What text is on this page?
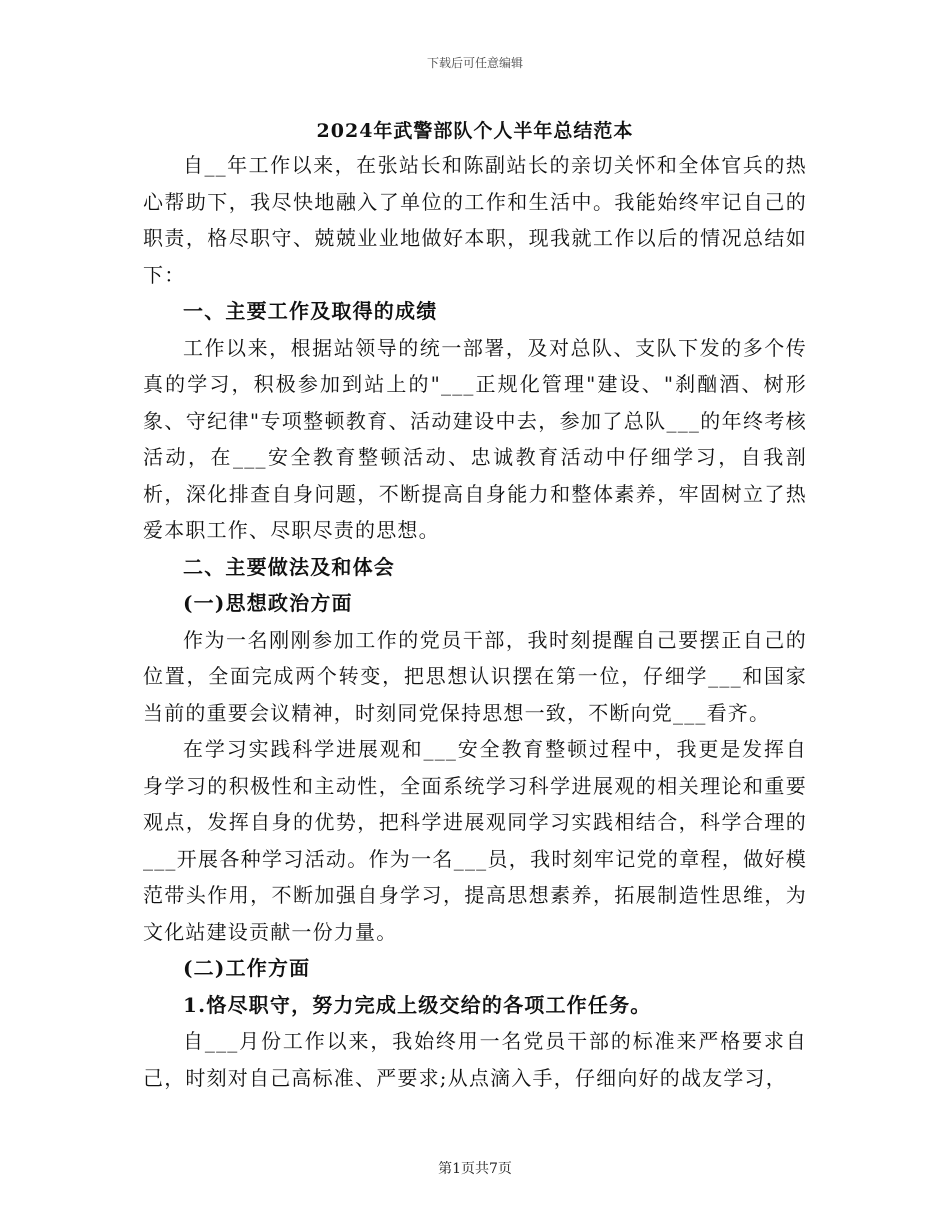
下载后可任意编辑
2024年武警部队个人半年总结范本

自__年工作以来，在张站长和陈副站长的亲切关怀和全体官兵的热心帮助下，我尽快地融入了单位的工作和生活中。我能始终牢记自己的职责，格尽职守、兢兢业业地做好本职，现我就工作以后的情况总结如下：

一、主要工作及取得的成绩

工作以来，根据站领导的统一部署，及对总队、支队下发的多个传真的学习，积极参加到站上的"___正规化管理"建设、"刹酗酒、树形象、守纪律"专项整顿教育、活动建设中去，参加了总队___的年终考核活动，在___安全教育整顿活动、忠诚教育活动中仔细学习，自我剖析，深化排查自身问题，不断提高自身能力和整体素养，牢固树立了热爱本职工作、尽职尽责的思想。

二、主要做法及和体会

(一)思想政治方面

作为一名刚刚参加工作的党员干部，我时刻提醒自己要摆正自己的位置，全面完成两个转变，把思想认识摆在第一位，仔细学___和国家当前的重要会议精神，时刻同党保持思想一致，不断向党___看齐。

在学习实践科学进展观和___安全教育整顿过程中，我更是发挥自身学习的积极性和主动性，全面系统学习科学进展观的相关理论和重要观点，发挥自身的优势，把科学进展观同学习实践相结合，科学合理的___开展各种学习活动。作为一名___员，我时刻牢记党的章程，做好模范带头作用，不断加强自身学习，提高思想素养，拓展制造性思维，为文化站建设贡献一份力量。

(二)工作方面

1.恪尽职守，努力完成上级交给的各项工作任务。

自___月份工作以来，我始终用一名党员干部的标准来严格要求自己，时刻对自己高标准、严要求;从点滴入手，仔细向好的战友学习，

第1页共7页
